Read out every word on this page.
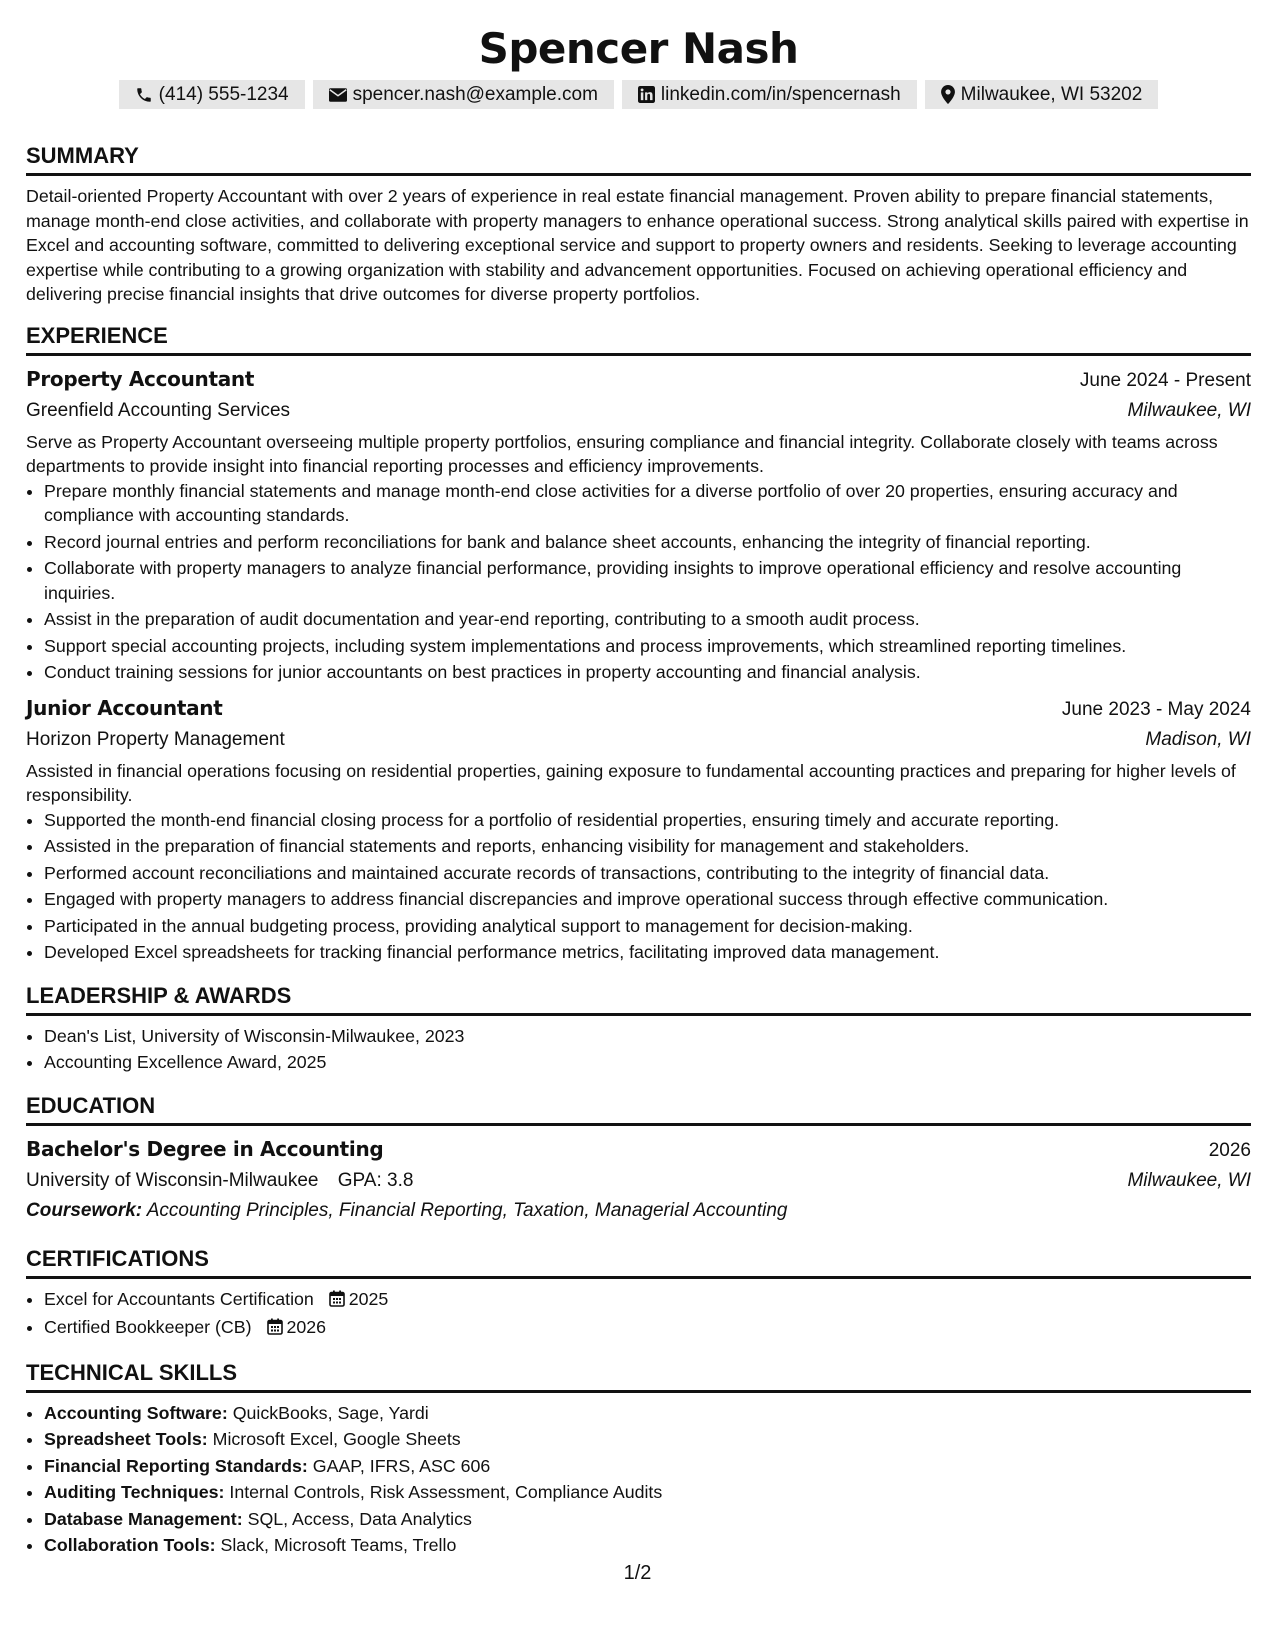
Spencer Nash
(414) 555-1234	spencer.nash@example.com	linkedin.com/in/spencernash	Milwaukee, WI 53202
SUMMARY

Detail-oriented Property Accountant with over 2 years of experience in real estate financial management. Proven ability to prepare financial statements, manage month-end close activities, and collaborate with property managers to enhance operational success. Strong analytical skills paired with expertise in Excel and accounting software, committed to delivering exceptional service and support to property owners and residents. Seeking to leverage accounting expertise while contributing to a growing organization with stability and advancement opportunities. Focused on achieving operational efficiency and delivering precise financial insights that drive outcomes for diverse property portfolios.

EXPERIENCE
Property Accountant	June 2024 - Present
Greenfield Accounting Services	Milwaukee, WI

Serve as Property Accountant overseeing multiple property portfolios, ensuring compliance and financial integrity. Collaborate closely with teams across departments to provide insight into financial reporting processes and efficiency improvements.

• Prepare monthly financial statements and manage month-end close activities for a diverse portfolio of over 20 properties, ensuring accuracy and compliance with accounting standards.
• Record journal entries and perform reconciliations for bank and balance sheet accounts, enhancing the integrity of financial reporting.
• Collaborate with property managers to analyze financial performance, providing insights to improve operational efficiency and resolve accounting inquiries.
• Assist in the preparation of audit documentation and year-end reporting, contributing to a smooth audit process.
• Support special accounting projects, including system implementations and process improvements, which streamlined reporting timelines.
• Conduct training sessions for junior accountants on best practices in property accounting and financial analysis.
Junior Accountant	June 2023 - May 2024
Horizon Property Management	Madison, WI

Assisted in financial operations focusing on residential properties, gaining exposure to fundamental accounting practices and preparing for higher levels of responsibility.

• Supported the month-end financial closing process for a portfolio of residential properties, ensuring timely and accurate reporting.
• Assisted in the preparation of financial statements and reports, enhancing visibility for management and stakeholders.
• Performed account reconciliations and maintained accurate records of transactions, contributing to the integrity of financial data.
• Engaged with property managers to address financial discrepancies and improve operational success through effective communication.
• Participated in the annual budgeting process, providing analytical support to management for decision-making.
• Developed Excel spreadsheets for tracking financial performance metrics, facilitating improved data management.
LEADERSHIP & AWARDS
• Dean's List, University of Wisconsin-Milwaukee, 2023
• Accounting Excellence Award, 2025
EDUCATION
Bachelor's Degree in Accounting	2026
University of Wisconsin-Milwaukee GPA: 3.8	Milwaukee, WI
Coursework: Accounting Principles, Financial Reporting, Taxation, Managerial Accounting
CERTIFICATIONS
• Excel for Accountants Certification 2025
• Certified Bookkeeper (CB) 2026
TECHNICAL SKILLS
• Accounting Software: QuickBooks, Sage, Yardi
• Spreadsheet Tools: Microsoft Excel, Google Sheets
• Financial Reporting Standards: GAAP, IFRS, ASC 606
• Auditing Techniques: Internal Controls, Risk Assessment, Compliance Audits
• Database Management: SQL, Access, Data Analytics
• Collaboration Tools: Slack, Microsoft Teams, Trello
1/2
